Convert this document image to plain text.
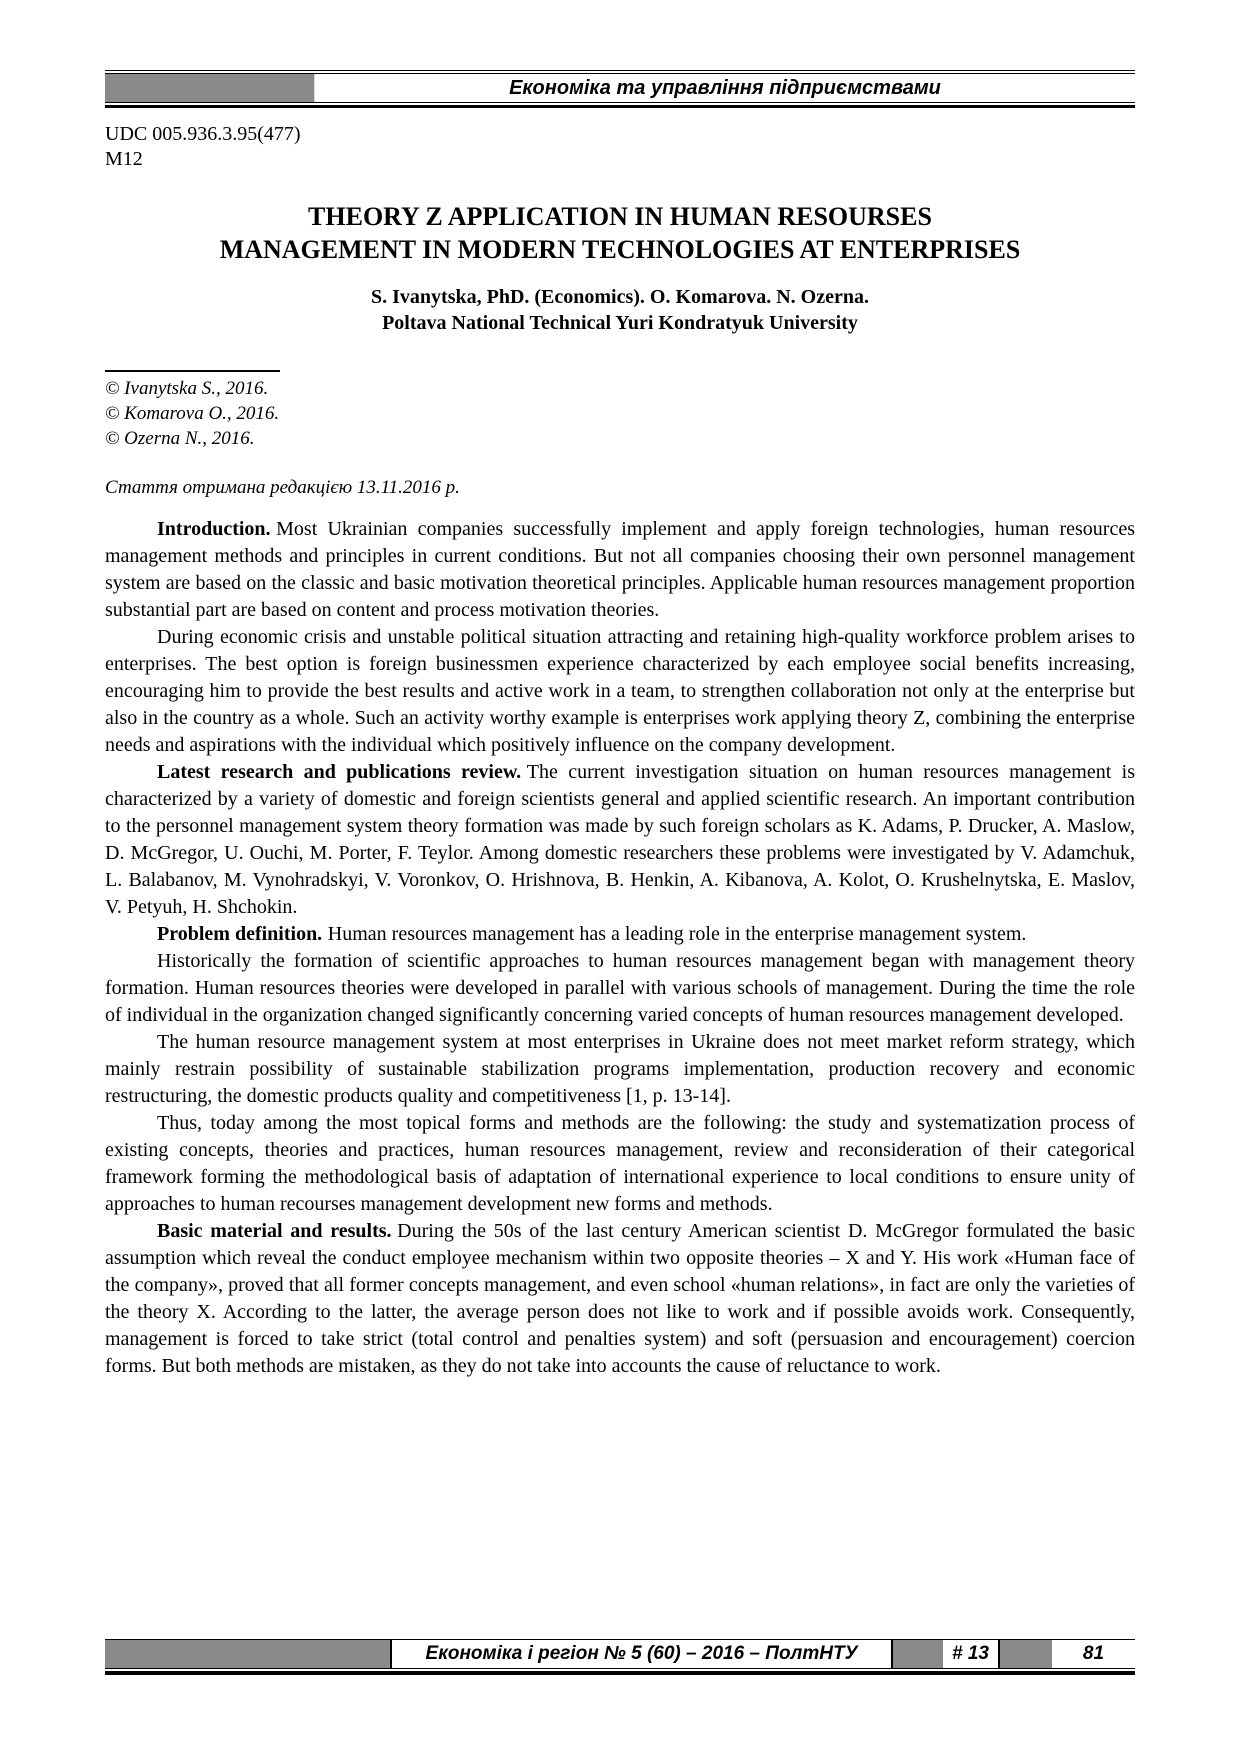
Економіка та управління підприємствами
UDC 005.936.3.95(477)
М12
THEORY Z APPLICATION IN HUMAN RESOURSES
MANAGEMENT IN MODERN TECHNOLOGIES AT ENTERPRISES
S. Ivanytska, PhD. (Economics). O. Komarova. N. Ozerna.
Poltava National Technical Yuri Kondratyuk University
© Ivanytska S., 2016.
© Komarova O., 2016.
© Ozerna N., 2016.
Стаття отримана редакцією 13.11.2016 р.

Introduction. Most Ukrainian companies successfully implement and apply foreign technologies, human resources management methods and principles in current conditions. But not all companies choosing their own personnel management system are based on the classic and basic motivation theoretical principles. Applicable human resources management proportion substantial part are based on content and process motivation theories.

During economic crisis and unstable political situation attracting and retaining high-quality workforce problem arises to enterprises. The best option is foreign businessmen experience characterized by each employee social benefits increasing, encouraging him to provide the best results and active work in a team, to strengthen collaboration not only at the enterprise but also in the country as a whole. Such an activity worthy example is enterprises work applying theory Z, combining the enterprise needs and aspirations with the individual which positively influence on the company development.

Latest research and publications review. The current investigation situation on human resources management is characterized by a variety of domestic and foreign scientists general and applied scientific research. An important contribution to the personnel management system theory formation was made by such foreign scholars as K. Adams, P. Drucker, A. Maslow, D. McGregor, U. Ouchi, M. Porter, F. Teylor. Among domestic researchers these problems were investigated by V. Adamchuk, L. Balabanov, M. Vynohradskyi, V. Voronkov, O. Hrishnova, B. Henkin, A. Kibanova, A. Kolot, O. Krushelnytska, E. Maslov, V. Petyuh, H. Shchokin.

Problem definition. Human resources management has a leading role in the enterprise management system.

Historically the formation of scientific approaches to human resources management began with management theory formation. Human resources theories were developed in parallel with various schools of management. During the time the role of individual in the organization changed significantly concerning varied concepts of human resources management developed.

The human resource management system at most enterprises in Ukraine does not meet market reform strategy, which mainly restrain possibility of sustainable stabilization programs implementation, production recovery and economic restructuring, the domestic products quality and competitiveness [1, p. 13-14].

Thus, today among the most topical forms and methods are the following: the study and systematization process of existing concepts, theories and practices, human resources management, review and reconsideration of their categorical framework forming the methodological basis of adaptation of international experience to local conditions to ensure unity of approaches to human recourses management development new forms and methods.

Basic material and results. During the 50s of the last century American scientist D. McGregor formulated the basic assumption which reveal the conduct employee mechanism within two opposite theories – X and Y. His work «Human face of the company», proved that all former concepts management, and even school «human relations», in fact are only the varieties of the theory X. According to the latter, the average person does not like to work and if possible avoids work. Consequently, management is forced to take strict (total control and penalties system) and soft (persuasion and encouragement) coercion forms. But both methods are mistaken, as they do not take into accounts the cause of reluctance to work.

Економіка і регіон № 5 (60) – 2016 – ПолтНТУ	# 13	81
